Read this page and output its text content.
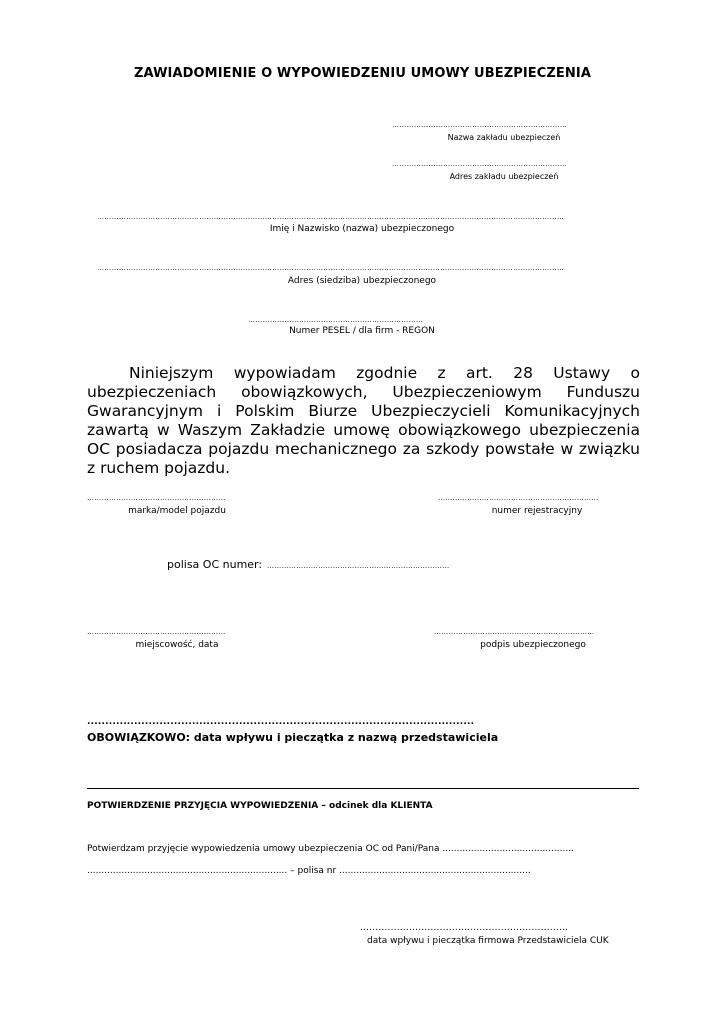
ZAWIADOMIENIE O WYPOWIEDZENIU UMOWY UBEZPIECZENIA
………………………………………………………………
Nazwa zakładu ubezpieczeń
………………………………………………………………
Adres zakładu ubezpieczeń
…………………………………………………………………………………………………………………………………………………………………………
Imię i Nazwisko (nazwa) ubezpieczonego
…………………………………………………………………………………………………………………………………………………………………………
Adres (siedziba) ubezpieczonego
………………………………………………………………
Numer PESEL / dla firm - REGON
Niniejszym wypowiadam zgodnie z art. 28 Ustawy o ubezpieczeniach obowiązkowych, Ubezpieczeniowym Funduszu Gwarancyjnym i Polskim Biurze Ubezpieczycieli Komunikacyjnych zawartą w Waszym Zakładzie umowę obowiązkowego ubezpieczenia OC posiadacza pojazdu mechanicznego za szkody powstałe w związku z ruchem pojazdu.
…………………………………………………
marka/model pojazdu
…………………………………………………………
numer rejestracyjny
polisa OC numer: …………………………………………………………………
…………………………………………………
miejscowość, data
…………………………………………………………
podpis ubezpieczonego
...........................................................................................................
OBOWIĄZKOWO: data wpływu i pieczątka z nazwą przedstawiciela
POTWIERDZENIE PRZYJĘCIA WYPOWIEDZENIA – odcinek dla KLIENTA
Potwierdzam przyjęcie wypowiedzenia umowy ubezpieczenia OC od Pani/Pana ..............................................
...................................................................... – polisa nr ...................................................................
....................................................................
data wpływu i pieczątka firmowa Przedstawiciela CUK
